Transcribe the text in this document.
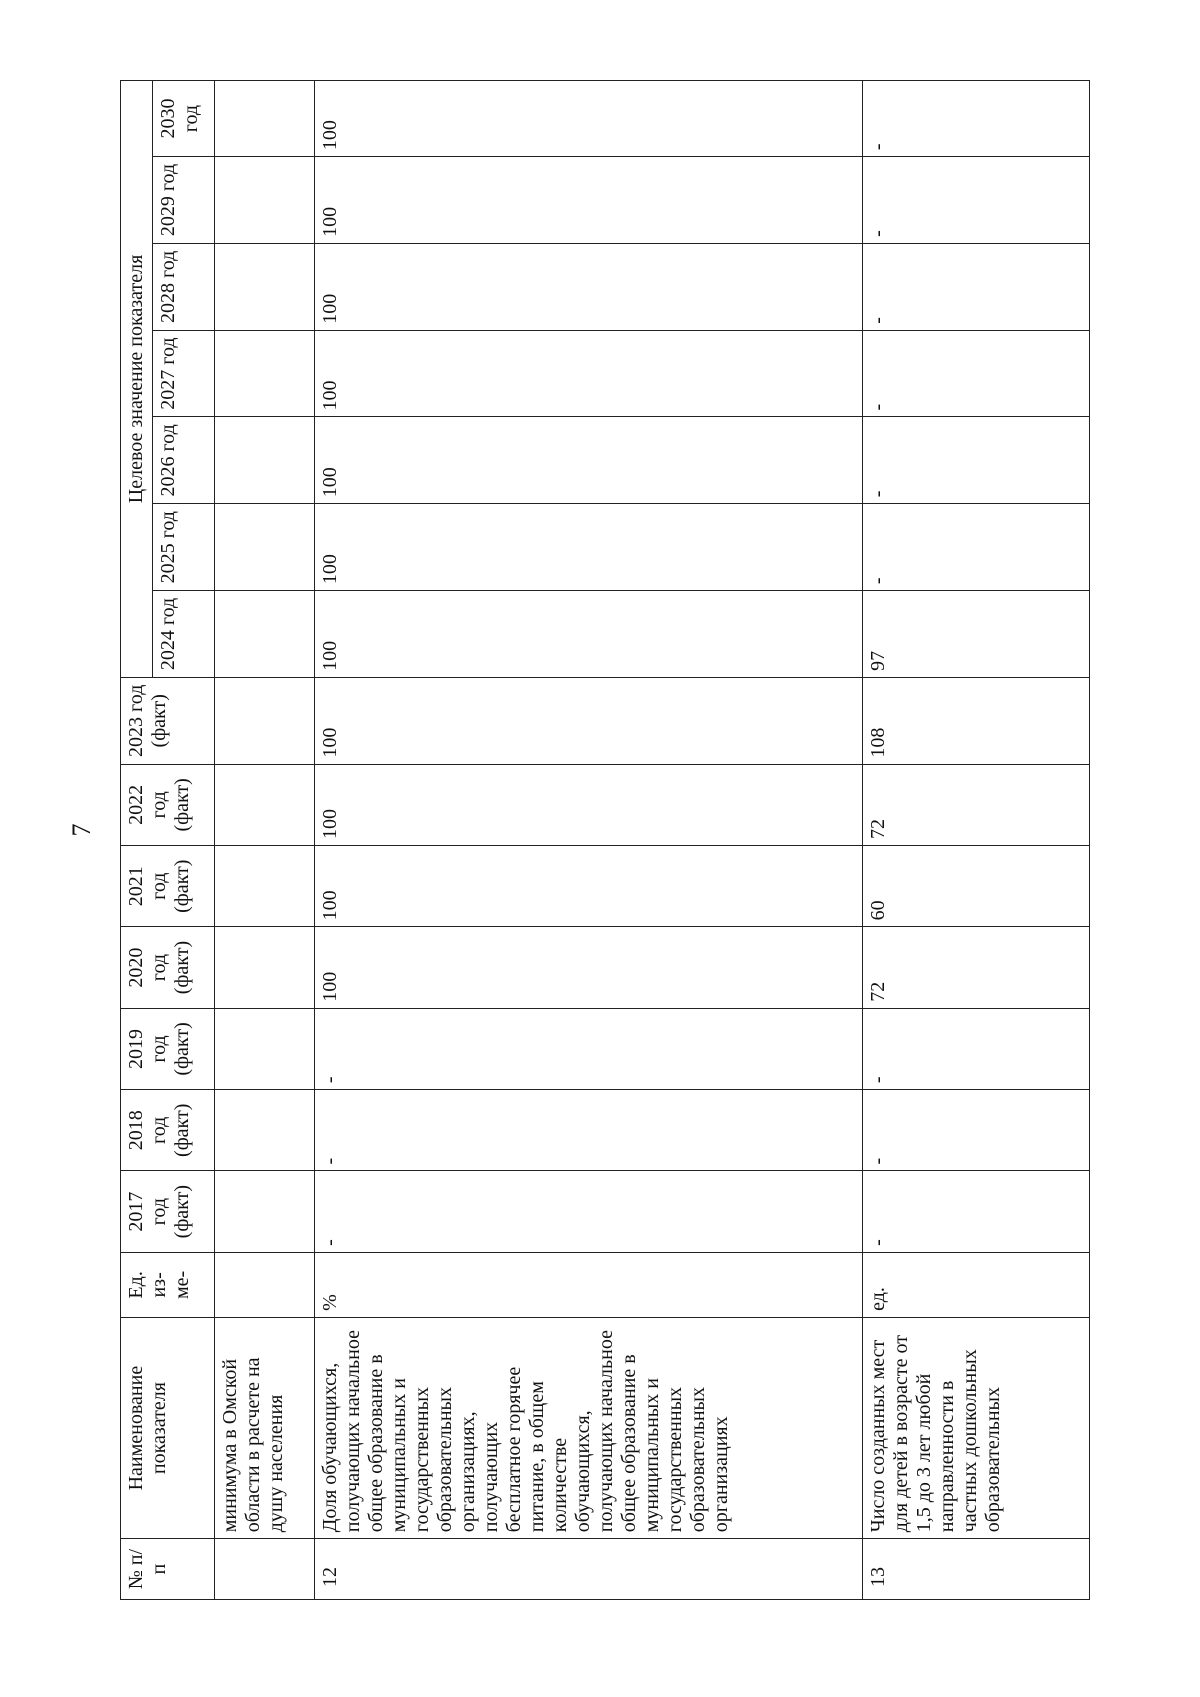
7
№ п/п	Наименование показателя	Ед. из- ме-	2017 год (факт)	2018 год (факт)	2019 год (факт)	2020 год (факт)	2021 год (факт)	2022 год (факт)	2023 год (факт)	Целевое значение показателя						
										2024 год	2025 год	2026 год	2027 год	2028 год	2029 год	2030 год
	минимума в Омской области в расчете на душу населения															
12	Доля обучающихся, получающих начальное общее образование в муниципальных и государственных образовательных организациях, получающих бесплатное горячее питание, в общем количестве обучающихся, получающих начальное общее образование в муниципальных и государственных образовательных организациях	%	-	-	-	100	100	100	100	100	100	100	100	100	100	100
13	Число созданных мест для детей в возрасте от 1,5 до 3 лет любой направленности в частных дошкольных образовательных	ед.	-	-	-	72	60	72	108	97	-	-	-	-	-	-
